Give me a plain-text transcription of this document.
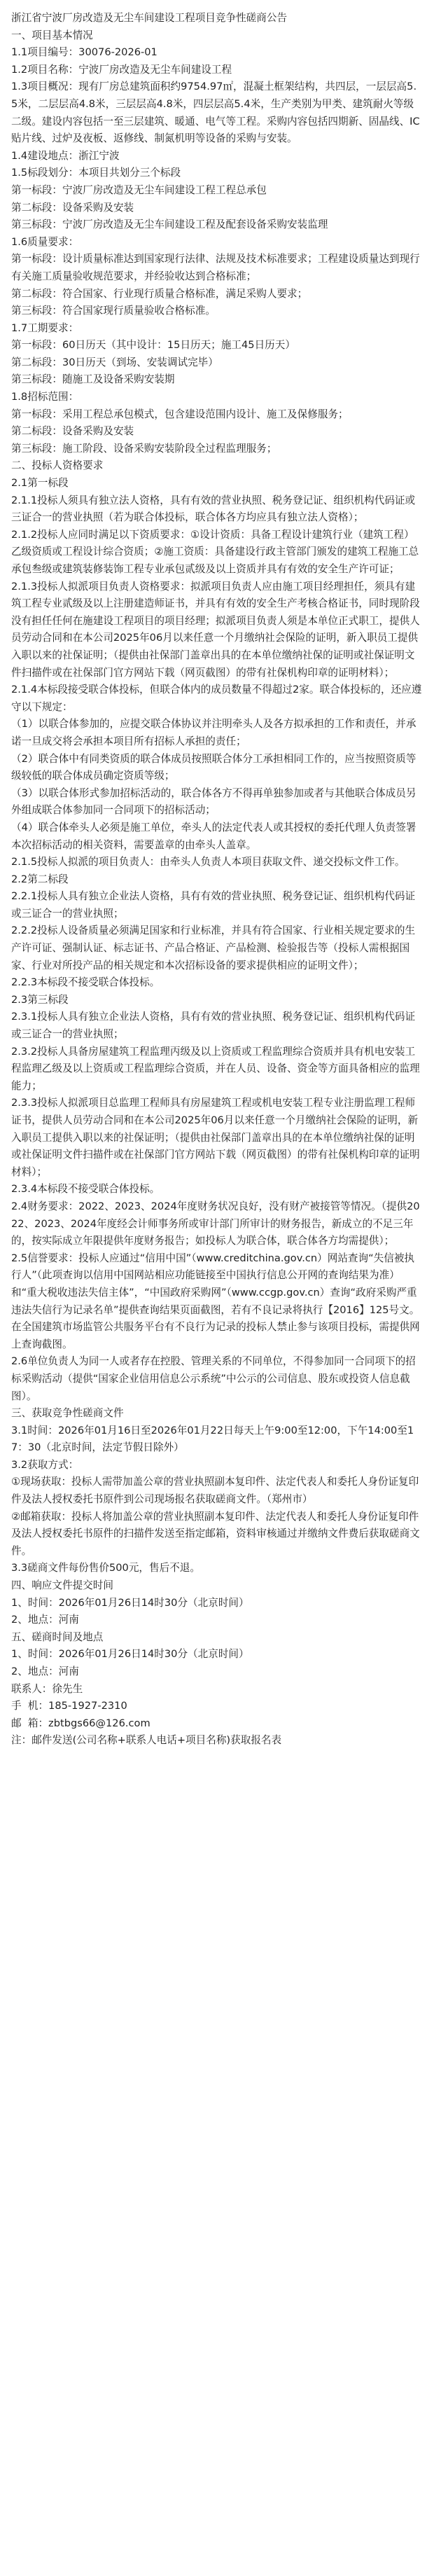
浙江省宁波厂房改造及无尘车间建设工程项目竞争性磋商公告

一、项目基本情况

1.1项目编号：30076-2026-01

1.2项目名称：宁波厂房改造及无尘车间建设工程

1.3项目概况：现有厂房总建筑面积约9754.97㎡，混凝土框架结构，共四层，一层层高5.5米，二层层高4.8米，三层层高4.8米，四层层高5.4米，生产类别为甲类、建筑耐火等级二级。建设内容包括一至三层建筑、暖通、电气等工程。采购内容包括四期新、固晶线、IC贴片线、过炉及夜板、返修线、制氮机明等设备的采购与安装。

1.4建设地点：浙江宁波

1.5标段划分：本项目共划分三个标段

第一标段：宁波厂房改造及无尘车间建设工程工程总承包

第二标段：设备采购及安装

第三标段：宁波厂房改造及无尘车间建设工程及配套设备采购安装监理

1.6质量要求：

第一标段：设计质量标准达到国家现行法律、法规及技术标准要求；工程建设质量达到现行有关施工质量验收规范要求，并经验收达到合格标准；

第二标段：符合国家、行业现行质量合格标准，满足采购人要求；

第三标段：符合国家现行质量验收合格标准。

1.7工期要求：

第一标段：60日历天（其中设计：15日历天；施工45日历天）

第二标段：30日历天（到场、安装调试完毕）

第三标段：随施工及设备采购安装期

1.8招标范围：

第一标段：采用工程总承包模式，包含建设范围内设计、施工及保修服务；

第二标段：设备采购及安装

第三标段：施工阶段、设备采购安装阶段全过程监理服务；

二、投标人资格要求

2.1第一标段

2.1.1投标人须具有独立法人资格，具有有效的营业执照、税务登记证、组织机构代码证或三证合一的营业执照（若为联合体投标，联合体各方均应具有独立法人资格）；

2.1.2投标人应同时满足以下资质要求：①设计资质：具备工程设计建筑行业（建筑工程）乙级资质或工程设计综合资质；②施工资质：具备建设行政主管部门颁发的建筑工程施工总承包叁级或建筑装修装饰工程专业承包贰级及以上资质并具有有效的安全生产许可证；

2.1.3投标人拟派项目负责人资格要求：拟派项目负责人应由施工项目经理担任，须具有建筑工程专业贰级及以上注册建造师证书，并具有有效的安全生产考核合格证书，同时现阶段没有担任任何在施建设工程项目的项目经理；拟派项目负责人须是本单位正式职工，提供人员劳动合同和在本公司2025年06月以来任意一个月缴纳社会保险的证明，新入职员工提供入职以来的社保证明；（提供由社保部门盖章出具的在本单位缴纳社保的证明或社保证明文件扫描件或在社保部门官方网站下载（网页截图）的带有社保机构印章的证明材料）；

2.1.4本标段接受联合体投标，但联合体内的成员数量不得超过2家。联合体投标的，还应遵守以下规定：

（1）以联合体参加的，应提交联合体协议并注明牵头人及各方拟承担的工作和责任，并承诺一旦成交将会承担本项目所有招标人承担的责任；

（2）联合体中有同类资质的联合体成员按照联合体分工承担相同工作的，应当按照资质等级较低的联合体成员确定资质等级；

（3）以联合体形式参加招标活动的，联合体各方不得再单独参加或者与其他联合体成员另外组成联合体参加同一合同项下的招标活动；

（4）联合体牵头人必须是施工单位，牵头人的法定代表人或其授权的委托代理人负责签署本次招标活动的相关资料，需要盖章的由牵头人盖章。

2.1.5投标人拟派的项目负责人：由牵头人负责人本项目获取文件、递交投标文件工作。

2.2第二标段

2.2.1投标人具有独立企业法人资格，具有有效的营业执照、税务登记证、组织机构代码证或三证合一的营业执照；

2.2.2投标人设备质量必须满足国家和行业标准，并具有符合国家、行业相关规定要求的生产许可证、强制认证、标志证书、产品合格证、产品检测、检验报告等（投标人需根据国家、行业对所投产品的相关规定和本次招标设备的要求提供相应的证明文件）；

2.2.3本标段不接受联合体投标。

2.3第三标段

2.3.1投标人具有独立企业法人资格，具有有效的营业执照、税务登记证、组织机构代码证或三证合一的营业执照；

2.3.2投标人具备房屋建筑工程监理丙级及以上资质或工程监理综合资质并具有机电安装工程监理乙级及以上资质或工程监理综合资质，并在人员、设备、资金等方面具备相应的监理能力；

2.3.3投标人拟派项目总监理工程师具有房屋建筑工程或机电安装工程专业注册监理工程师证书，提供人员劳动合同和在本公司2025年06月以来任意一个月缴纳社会保险的证明，新入职员工提供入职以来的社保证明；（提供由社保部门盖章出具的在本单位缴纳社保的证明或社保证明文件扫描件或在社保部门官方网站下载（网页截图）的带有社保机构印章的证明材料）；

2.3.4本标段不接受联合体投标。

2.4财务要求：2022、2023、2024年度财务状况良好，没有财产被接管等情况。（提供2022、2023、2024年度经会计师事务所或审计部门所审计的财务报告，新成立的不足三年的，按实际成立年限提供年度财务报告；如投标人为联合体，联合体各方均需提供）；

2.5信誉要求：投标人应通过“信用中国”（www.creditchina.gov.cn）网站查询“失信被执行人”（此项查询以信用中国网站相应功能链接至中国执行信息公开网的查询结果为准）和“重大税收违法失信主体”，“中国政府采购网”（www.ccgp.gov.cn）查询“政府采购严重违法失信行为记录名单”提供查询结果页面截图，若有不良记录将执行【2016】125号文。在全国建筑市场监管公共服务平台有不良行为记录的投标人禁止参与该项目投标，需提供网上查询截图。

2.6单位负责人为同一人或者存在控股、管理关系的不同单位，不得参加同一合同项下的招标采购活动（提供“国家企业信用信息公示系统”中公示的公司信息、股东或投资人信息截图）。

三、获取竞争性磋商文件

3.1时间：2026年01月16日至2026年01月22日每天上午9:00至12:00，下午14:00至17：30（北京时间，法定节假日除外）

3.2获取方式：

①现场获取：投标人需带加盖公章的营业执照副本复印件、法定代表人和委托人身份证复印件及法人授权委托书原件到公司现场报名获取磋商文件。（郑州市）

②邮箱获取：投标人将加盖公章的营业执照副本复印件、法定代表人和委托人身份证复印件及法人授权委托书原件的扫描件发送至指定邮箱，资料审核通过并缴纳文件费后获取磋商文件。

3.3磋商文件每份售价500元，售后不退。

四、响应文件提交时间

1、时间：2026年01月26日14时30分（北京时间）

2、地点：河南

五、磋商时间及地点

1、时间：2026年01月26日14时30分（北京时间）

2、地点：河南

联系人：徐先生

手  机：185-1927-2310

邮  箱：zbtbgs66@126.com

注：邮件发送(公司名称+联系人电话+项目名称)获取报名表
